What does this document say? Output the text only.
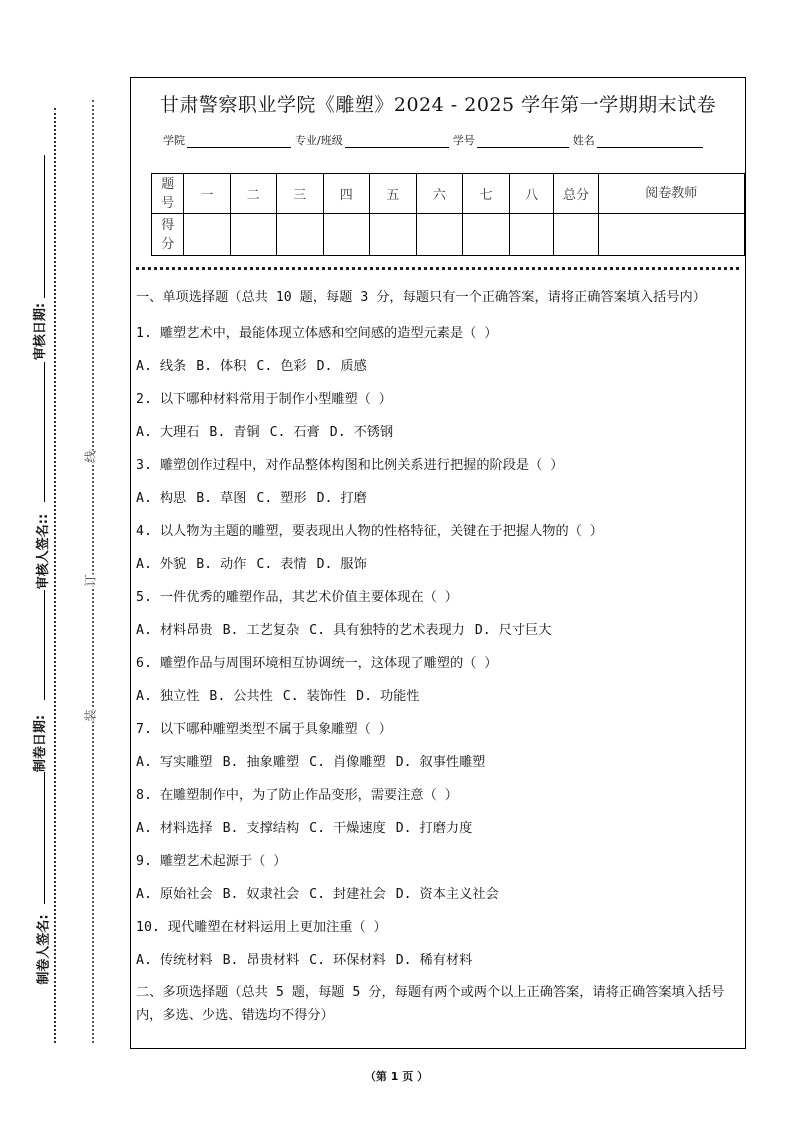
审核日期:
审核人签名::
制卷日期:
制卷人签名:
线
订
装
甘肃警察职业学院《雕塑》2024 - 2025 学年第一学期期末试卷
学院	专业/班级	学号	姓名
题号	一	二	三	四	五	六	七	八	总分	阅卷教师
得分										
一、单项选择题（总共 10 题，每题 3 分，每题只有一个正确答案，请将正确答案填入括号内）
1. 雕塑艺术中，最能体现立体感和空间感的造型元素是（ ）
A. 线条 B. 体积 C. 色彩 D. 质感
2. 以下哪种材料常用于制作小型雕塑（ ）
A. 大理石 B. 青铜 C. 石膏 D. 不锈钢
3. 雕塑创作过程中，对作品整体构图和比例关系进行把握的阶段是（ ）
A. 构思 B. 草图 C. 塑形 D. 打磨
4. 以人物为主题的雕塑，要表现出人物的性格特征，关键在于把握人物的（ ）
A. 外貌 B. 动作 C. 表情 D. 服饰
5. 一件优秀的雕塑作品，其艺术价值主要体现在（ ）
A. 材料昂贵 B. 工艺复杂 C. 具有独特的艺术表现力 D. 尺寸巨大
6. 雕塑作品与周围环境相互协调统一，这体现了雕塑的（ ）
A. 独立性 B. 公共性 C. 装饰性 D. 功能性
7. 以下哪种雕塑类型不属于具象雕塑（ ）
A. 写实雕塑 B. 抽象雕塑 C. 肖像雕塑 D. 叙事性雕塑
8. 在雕塑制作中，为了防止作品变形，需要注意（ ）
A. 材料选择 B. 支撑结构 C. 干燥速度 D. 打磨力度
9. 雕塑艺术起源于（ ）
A. 原始社会 B. 奴隶社会 C. 封建社会 D. 资本主义社会
10. 现代雕塑在材料运用上更加注重（ ）
A. 传统材料 B. 昂贵材料 C. 环保材料 D. 稀有材料
二、多项选择题（总共 5 题，每题 5 分，每题有两个或两个以上正确答案，请将正确答案填入括号内，多选、少选、错选均不得分）
（第 1 页 ）
